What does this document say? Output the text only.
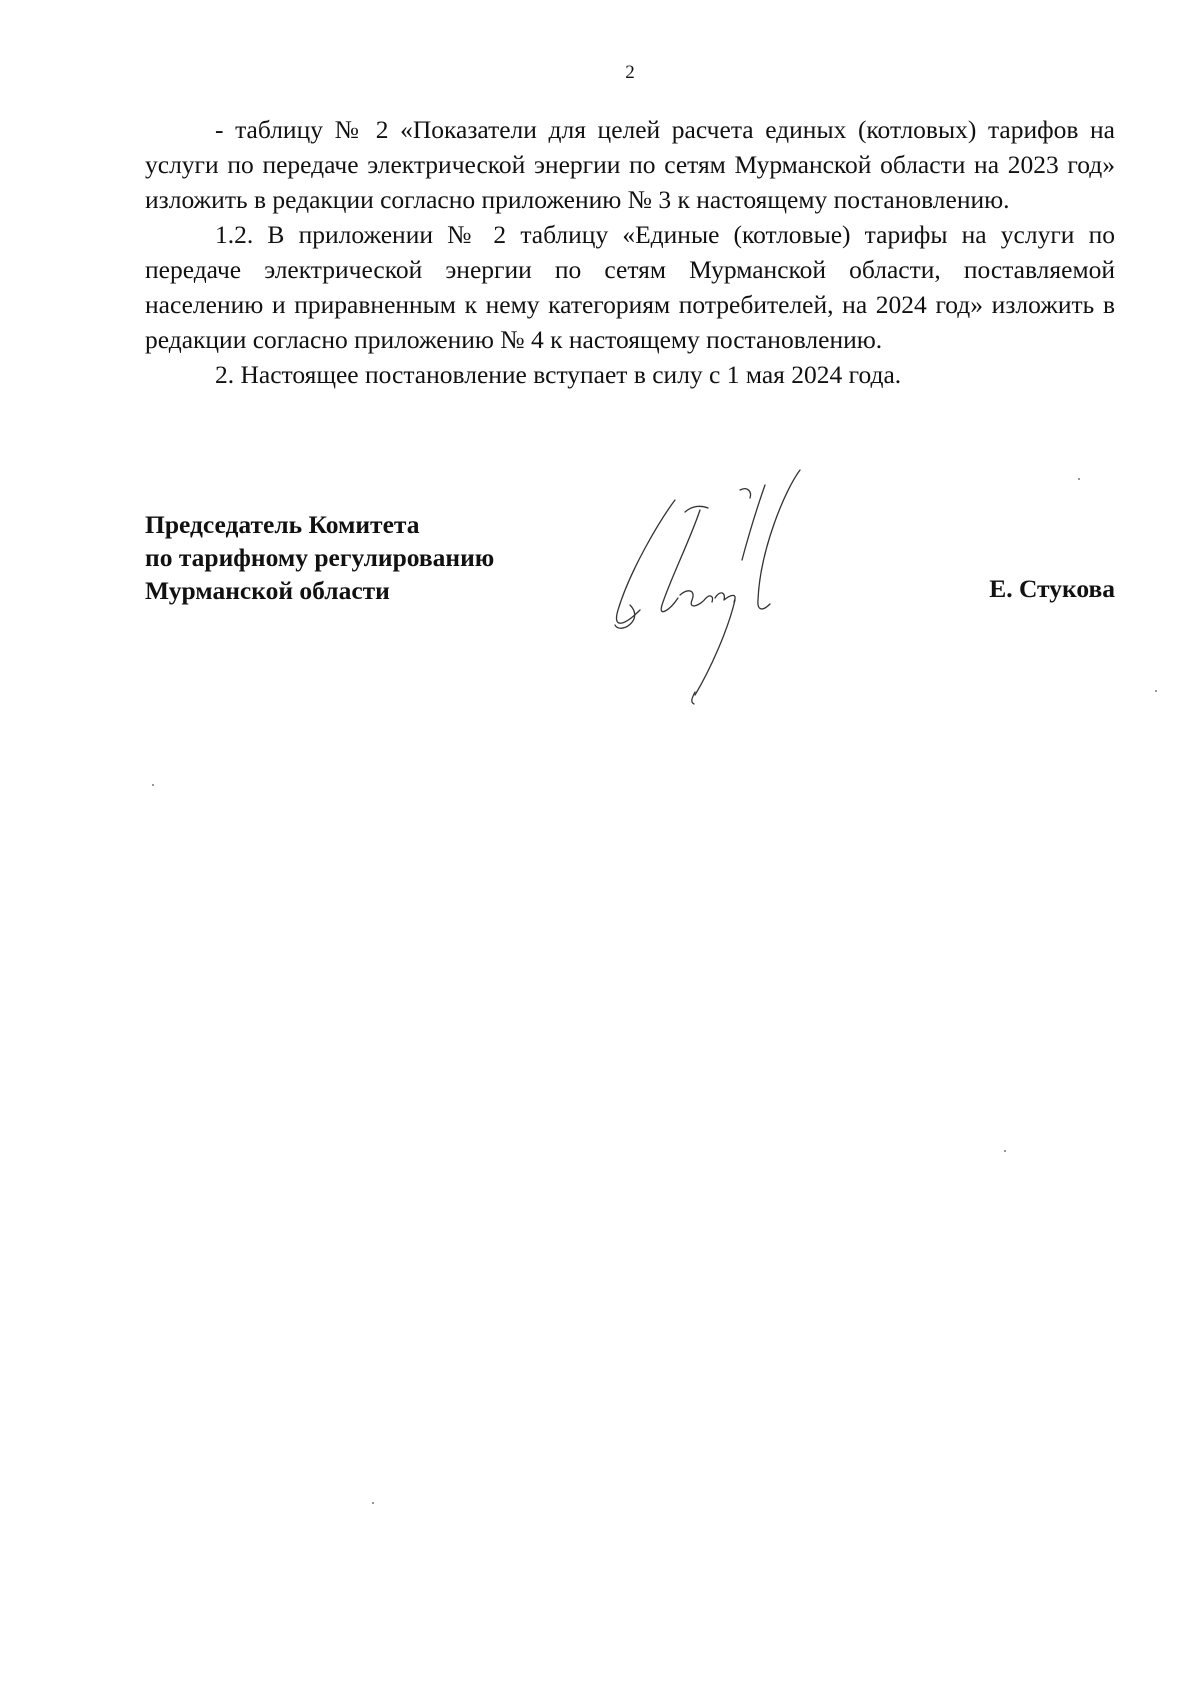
2

- таблицу № 2 «Показатели для целей расчета единых (котловых) тарифов на услуги по передаче электрической энергии по сетям Мурманской области на 2023 год» изложить в редакции согласно приложению № 3 к настоящему постановлению.

1.2. В приложении № 2 таблицу «Единые (котловые) тарифы на услуги по передаче электрической энергии по сетям Мурманской области, поставляемой населению и приравненным к нему категориям потребителей, на 2024 год» изложить в редакции согласно приложению № 4 к настоящему постановлению.

2. Настоящее постановление вступает в силу с 1 мая 2024 года.

Председатель Комитета
по тарифному регулированию
Мурманской области	Е. Стукова
